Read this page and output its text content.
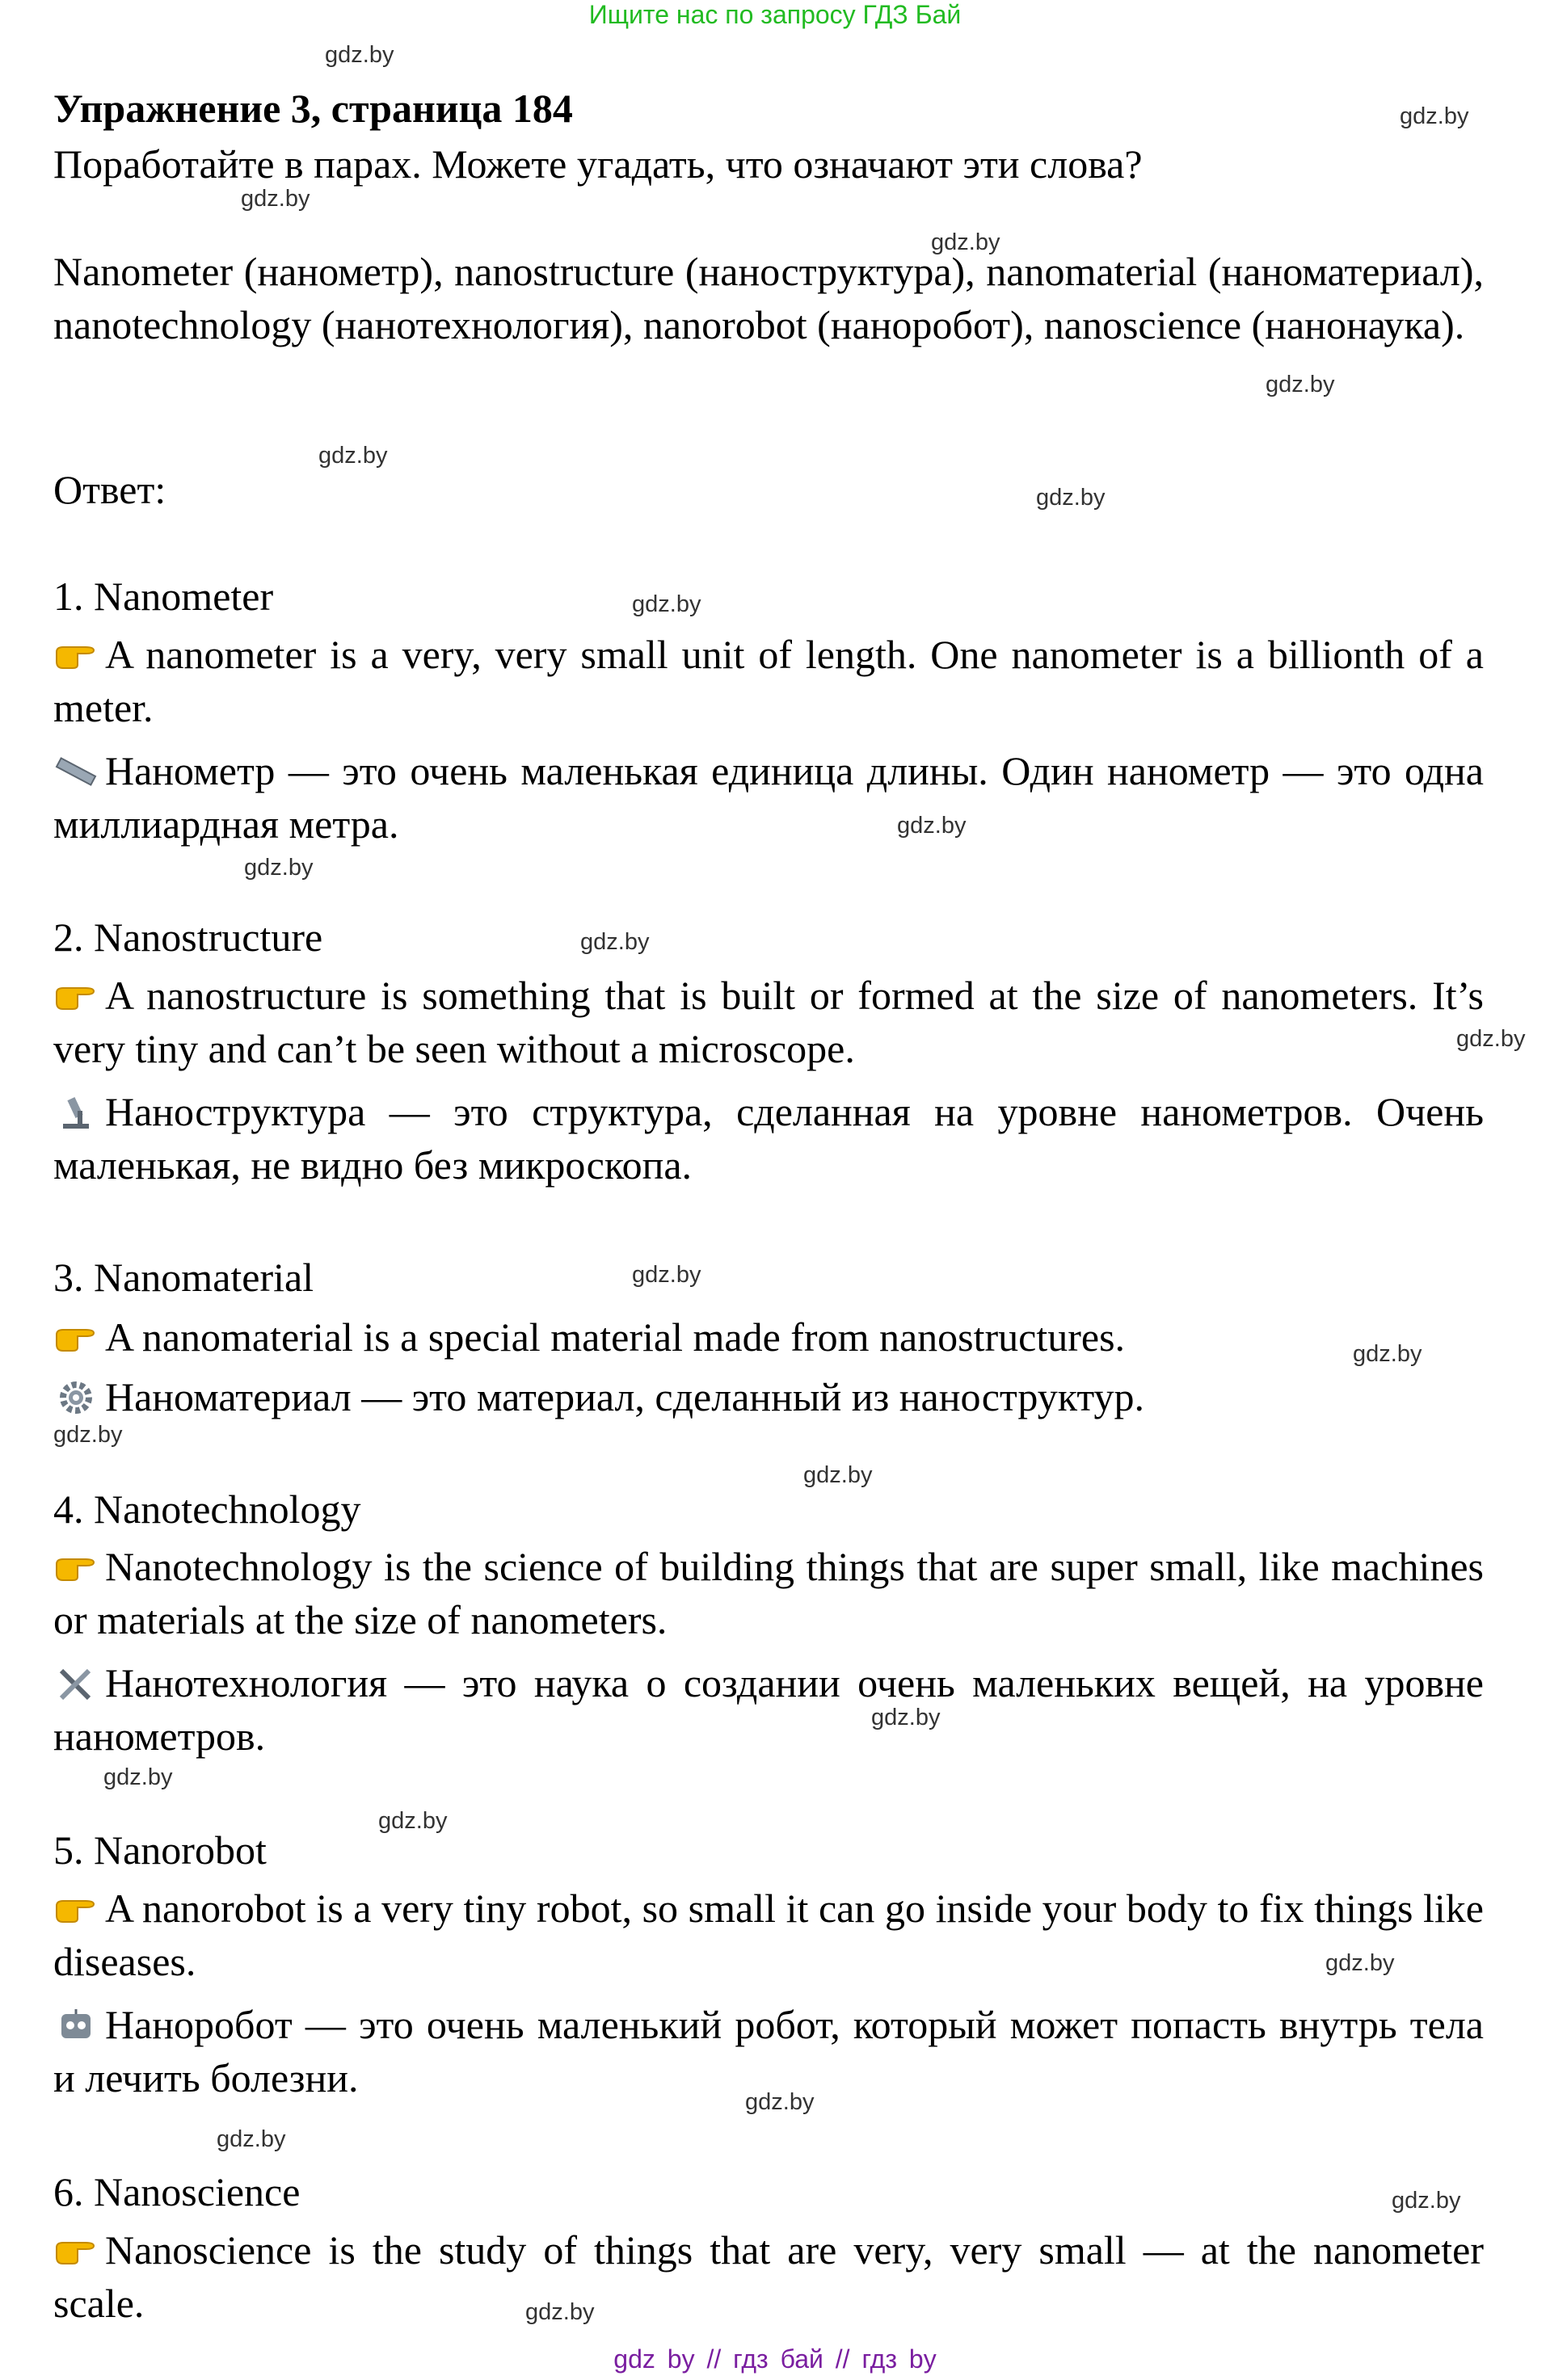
Ищите нас по запросу ГДЗ Бай
gdz.by
gdz.by
gdz.by
gdz.by
gdz.by
gdz.by
gdz.by
gdz.by
gdz.by
gdz.by
gdz.by
gdz.by
gdz.by
gdz.by
gdz.by
gdz.by
gdz.by
gdz.by
gdz.by
gdz.by
gdz.by
gdz.by
gdz.by
gdz.by
Упражнение 3, страница 184
Поработайте в парах. Можете угадать, что означают эти слова?
Nanometer (нанометр), nanostructure (наноструктура), nanomaterial (наноматериал), nanotechnology (нанотехнология), nanorobot (наноробот), nanoscience (нанонаука).
Ответ:
1. Nanometer
A nanometer is a very, very small unit of length. One nanometer is a billionth of a meter.
Нанометр — это очень маленькая единица длины. Один нанометр — это одна миллиардная метра.
2. Nanostructure
A nanostructure is something that is built or formed at the size of nanometers. It’s very tiny and can’t be seen without a microscope.
Наноструктура — это структура, сделанная на уровне нанометров. Очень маленькая, не видно без микроскопа.
3. Nanomaterial
A nanomaterial is a special material made from nanostructures.
Наноматериал — это материал, сделанный из наноструктур.
4. Nanotechnology
Nanotechnology is the science of building things that are super small, like machines or materials at the size of nanometers.
Нанотехнология — это наука о создании очень маленьких вещей, на уровне нанометров.
5. Nanorobot
A nanorobot is a very tiny robot, so small it can go inside your body to fix things like diseases.
Наноробот — это очень маленький робот, который может попасть внутрь тела и лечить болезни.
6. Nanoscience
Nanoscience is the study of things that are very, very small — at the nanometer scale.
gdz by // гдз бай // гдз by
